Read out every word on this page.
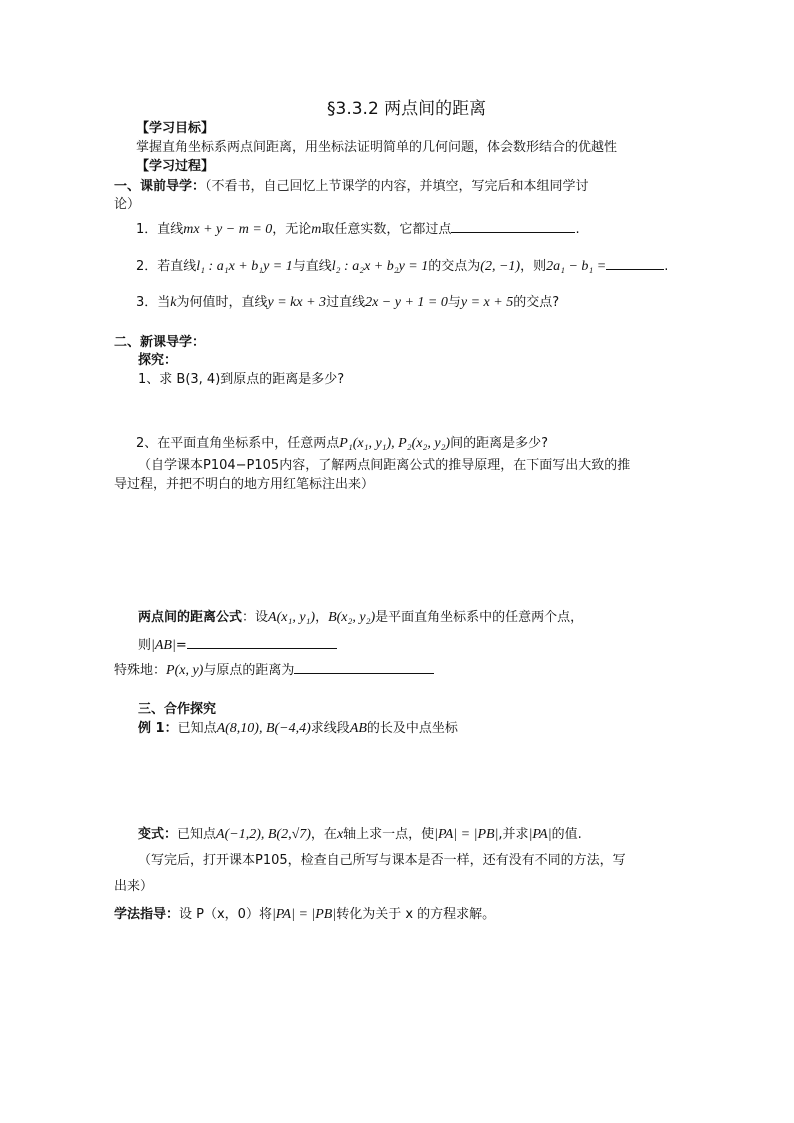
§3.3.2 两点间的距离
【学习目标】
掌握直角坐标系两点间距离，用坐标法证明简单的几何问题，体会数形结合的优越性
【学习过程】
一、课前导学：（不看书，自己回忆上节课学的内容，并填空，写完后和本组同学讨
论）
1．直线mx + y − m = 0，无论m取任意实数，它都过点	.
2．若直线l₁ : a₁x + b₁y = 1与直线l₂ : a₂x + b₂y = 1的交点为(2, −1)，则2a₁ − b₁ =	.
3．当k为何值时，直线y = kx + 3过直线2x − y + 1 = 0与y = x + 5的交点?
二、新课导学：
探究：
1、求 B(3, 4)到原点的距离是多少?
2、在平面直角坐标系中，任意两点P₁(x₁, y₁), P₂(x₂, y₂)间的距离是多少?
（自学课本P104−P105内容，了解两点间距离公式的推导原理，在下面写出大致的推
导过程，并把不明白的地方用红笔标注出来）
两点间的距离公式：设A(x₁, y₁)，B(x₂, y₂)是平面直角坐标系中的任意两个点，
则|AB|=
特殊地：P(x, y)与原点的距离为
三、合作探究
例 1：已知点A(8,10), B(−4,4)求线段AB的长及中点坐标
变式：已知点A(−1,2), B(2,√7)，在x轴上求一点，使|PA| = |PB|,并求|PA|的值.
（写完后，打开课本P105，检查自己所写与课本是否一样，还有没有不同的方法，写
出来）
学法指导：设 P（x，0）将|PA| = |PB|转化为关于 x 的方程求解。
